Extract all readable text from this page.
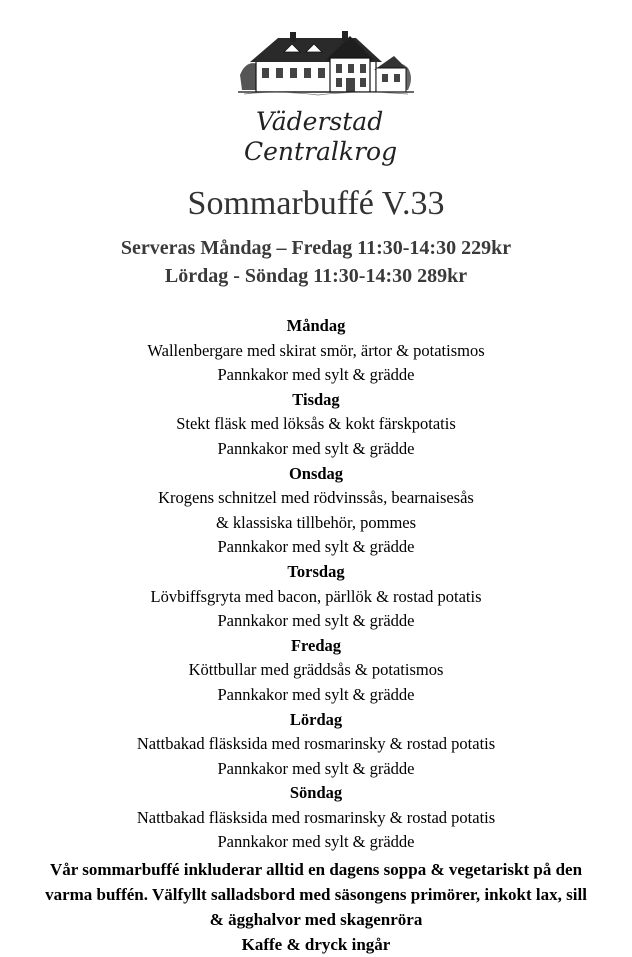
Väderstad
Centralkrog
Sommarbuffé V.33
Serveras Måndag – Fredag 11:30-14:30 229kr
Lördag - Söndag 11:30-14:30 289kr
Måndag
Wallenbergare med skirat smör, ärtor & potatismos
Pannkakor med sylt & grädde
Tisdag
Stekt fläsk med löksås & kokt färskpotatis
Pannkakor med sylt & grädde
Onsdag
Krogens schnitzel med rödvinssås, bearnaisesås
& klassiska tillbehör, pommes
Pannkakor med sylt & grädde
Torsdag
Lövbiffsgryta med bacon, pärllök & rostad potatis
Pannkakor med sylt & grädde
Fredag
Köttbullar med gräddsås & potatismos
Pannkakor med sylt & grädde
Lördag
Nattbakad fläsksida med rosmarinsky & rostad potatis
Pannkakor med sylt & grädde
Söndag
Nattbakad fläsksida med rosmarinsky & rostad potatis
Pannkakor med sylt & grädde
Vår sommarbuffé inkluderar alltid en dagens soppa & vegetariskt på den
varma buffén. Välfyllt salladsbord med säsongens primörer, inkokt lax, sill
& ägghalvor med skagenröra
Kaffe & dryck ingår
